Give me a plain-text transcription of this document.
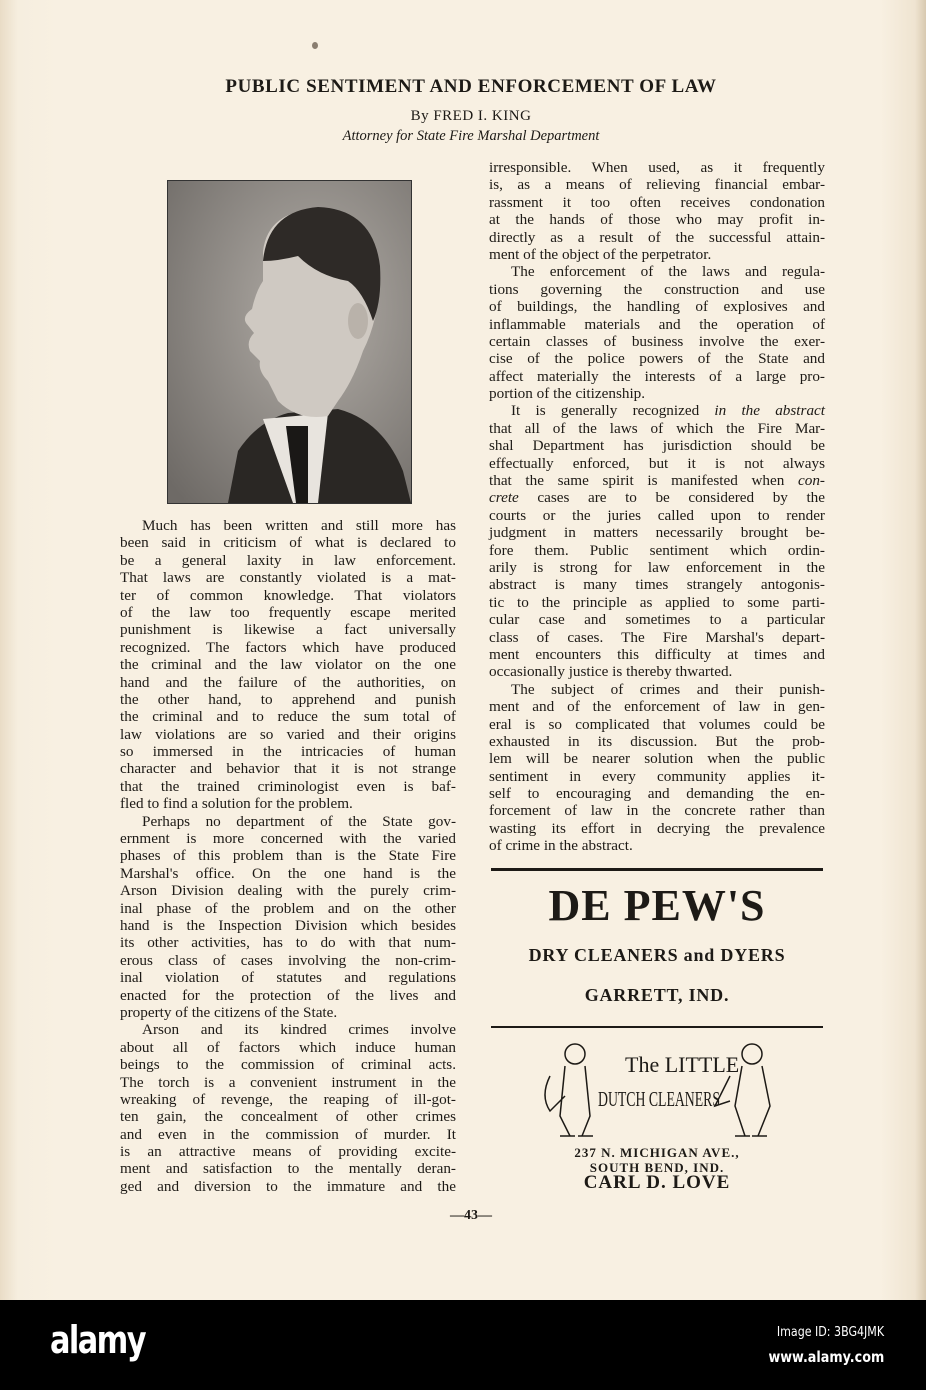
PUBLIC SENTIMENT AND ENFORCEMENT OF LAW
By FRED I. KING
Attorney for State Fire Marshal Department
Much has been written and still more has
been said in criticism of what is declared to
be a general laxity in law enforcement.
That laws are constantly violated is a mat-
ter of common knowledge. That violators
of the law too frequently escape merited
punishment is likewise a fact universally
recognized. The factors which have produced
the criminal and the law violator on the one
hand and the failure of the authorities, on
the other hand, to apprehend and punish
the criminal and to reduce the sum total of
law violations are so varied and their origins
so immersed in the intricacies of human
character and behavior that it is not strange
that the trained criminologist even is baf-
fled to find a solution for the problem.
Perhaps no department of the State gov-
ernment is more concerned with the varied
phases of this problem than is the State Fire
Marshal's office. On the one hand is the
Arson Division dealing with the purely crim-
inal phase of the problem and on the other
hand is the Inspection Division which besides
its other activities, has to do with that num-
erous class of cases involving the non-crim-
inal violation of statutes and regulations
enacted for the protection of the lives and
property of the citizens of the State.
Arson and its kindred crimes involve
about all of factors which induce human
beings to the commission of criminal acts.
The torch is a convenient instrument in the
wreaking of revenge, the reaping of ill-got-
ten gain, the concealment of other crimes
and even in the commission of murder. It
is an attractive means of providing excite-
ment and satisfaction to the mentally deran-
ged and diversion to the immature and the
irresponsible. When used, as it frequently
is, as a means of relieving financial embar-
rassment it too often receives condonation
at the hands of those who may profit in-
directly as a result of the successful attain-
ment of the object of the perpetrator.
The enforcement of the laws and regula-
tions governing the construction and use
of buildings, the handling of explosives and
inflammable materials and the operation of
certain classes of business involve the exer-
cise of the police powers of the State and
affect materially the interests of a large pro-
portion of the citizenship.
It is generally recognized in the abstract
that all of the laws of which the Fire Mar-
shal Department has jurisdiction should be
effectually enforced, but it is not always
that the same spirit is manifested when con-
crete cases are to be considered by the
courts or the juries called upon to render
judgment in matters necessarily brought be-
fore them. Public sentiment which ordin-
arily is strong for law enforcement in the
abstract is many times strangely antogonis-
tic to the principle as applied to some parti-
cular case and sometimes to a particular
class of cases. The Fire Marshal's depart-
ment encounters this difficulty at times and
occasionally justice is thereby thwarted.
The subject of crimes and their punish-
ment and of the enforcement of law in gen-
eral is so complicated that volumes could be
exhausted in its discussion. But the prob-
lem will be nearer solution when the public
sentiment in every community applies it-
self to encouraging and demanding the en-
forcement of law in the concrete rather than
wasting its effort in decrying the prevalence
of crime in the abstract.
DE PEW'S
DRY CLEANERS and DYERS
GARRETT, IND.
The LITTLE
DUTCH CLEANERS
237 N. MICHIGAN AVE.,
SOUTH BEND, IND.
CARL D. LOVE
—43—
alamy	Image ID: 3BG4JMK
www.alamy.com
